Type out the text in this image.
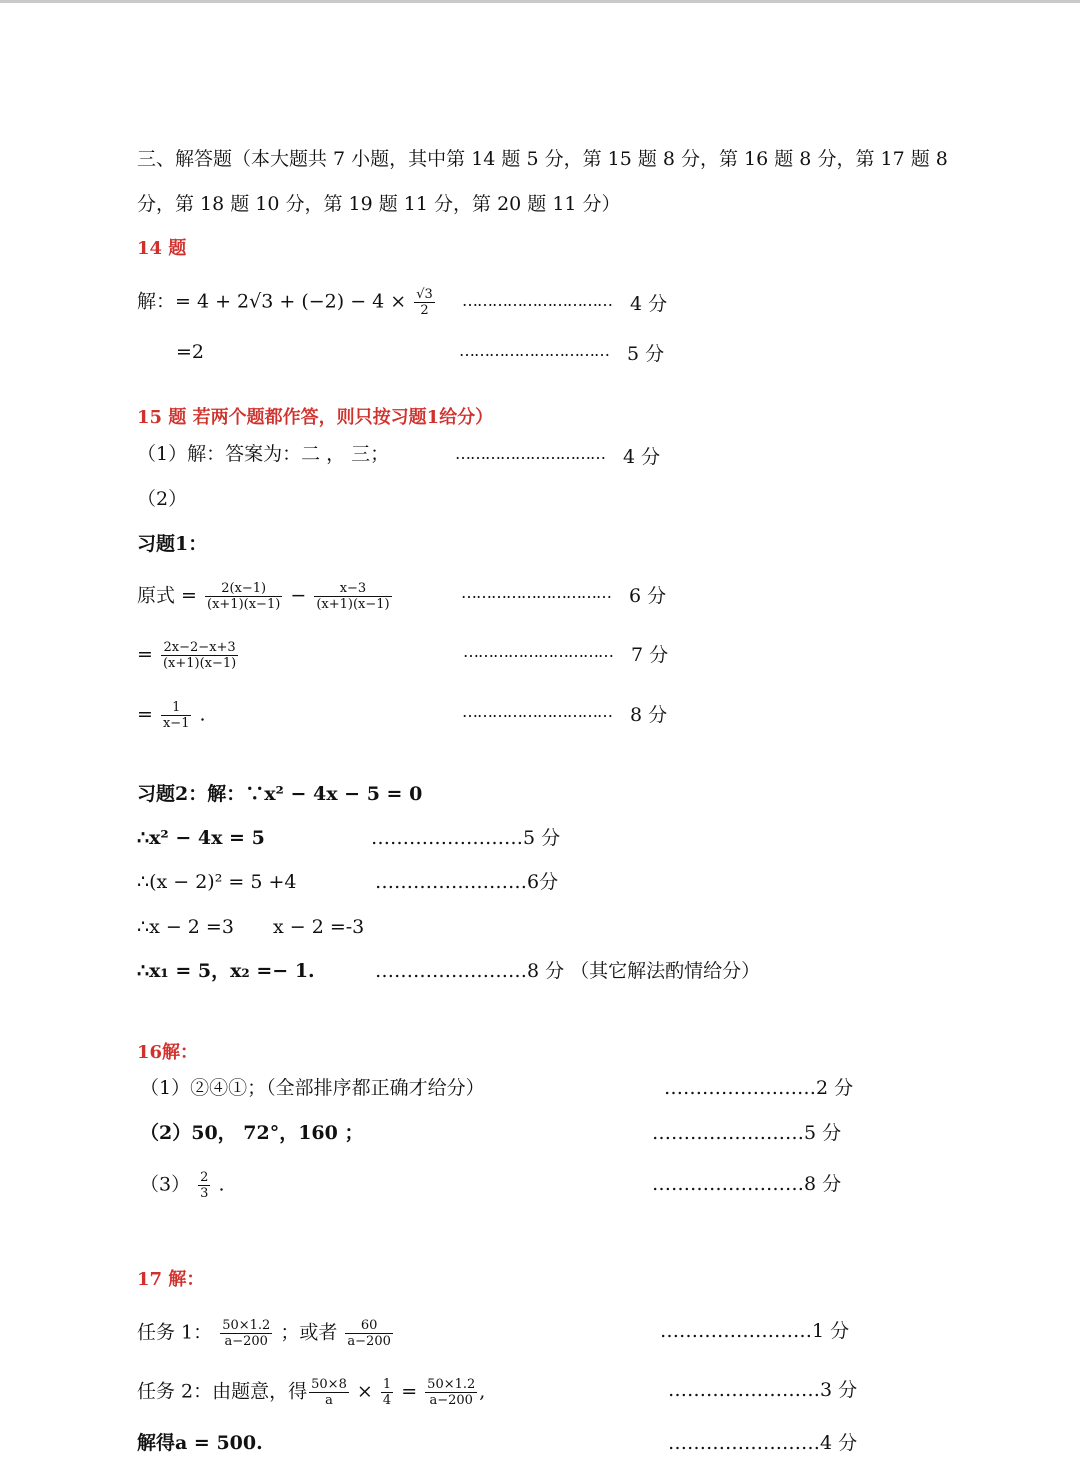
三、解答题（本大题共 7 小题，其中第 14 题 5 分，第 15 题 8 分，第 16 题 8 分，第 17 题 8
分，第 18 题 10 分，第 19 题 11 分，第 20 题 11 分）
14 题
解：= $4 + 2√3 + (-2) - 4 \times \frac{√3}{2}$ ………………………… 4 分
=2	………………………… 5 分
15 题 若两个题都作答，则只按习题1给分）
（1）解：答案为：二 ， 三；	………………………… 4 分
（2）
习题1：
原式 = $\frac{2(x-1)}{(x+1)(x-1)} - \frac{x-3}{(x+1)(x-1)}$	………………………… 6 分
= $\frac{2x-2-x+3}{(x+1)(x-1)}$	………………………… 7 分
= $\frac{1}{x-1}$ .	………………………… 8 分
习题2：解：∵x² − 4x − 5 = 0
∴x² − 4x = 5	……………………5 分
∴(x − 2)² = 5 +4	……………………6分
∴x − 2 =3 x − 2 =-3
∴x₁ = 5，x₂ =− 1.	……………………8 分 （其它解法酌情给分）
16解：
（1）②④①；（全部排序都正确才给分）	……………………2 分
（2）50， 72°，160 ；	……………………5 分
$(3) \frac{2}{3}$ .	……………………8 分
17 解：
任务 1： $\frac{50\times 1.2}{a-200}$ ；或者 $\frac{60}{a-200}$	……………………1 分
任务 2：由题意，得 $\frac{50\times 8}{a} \times \frac{1}{4} = \frac{50\times 1.2}{a-200}$ ,	……………………3 分
解得a = 500.	……………………4 分
